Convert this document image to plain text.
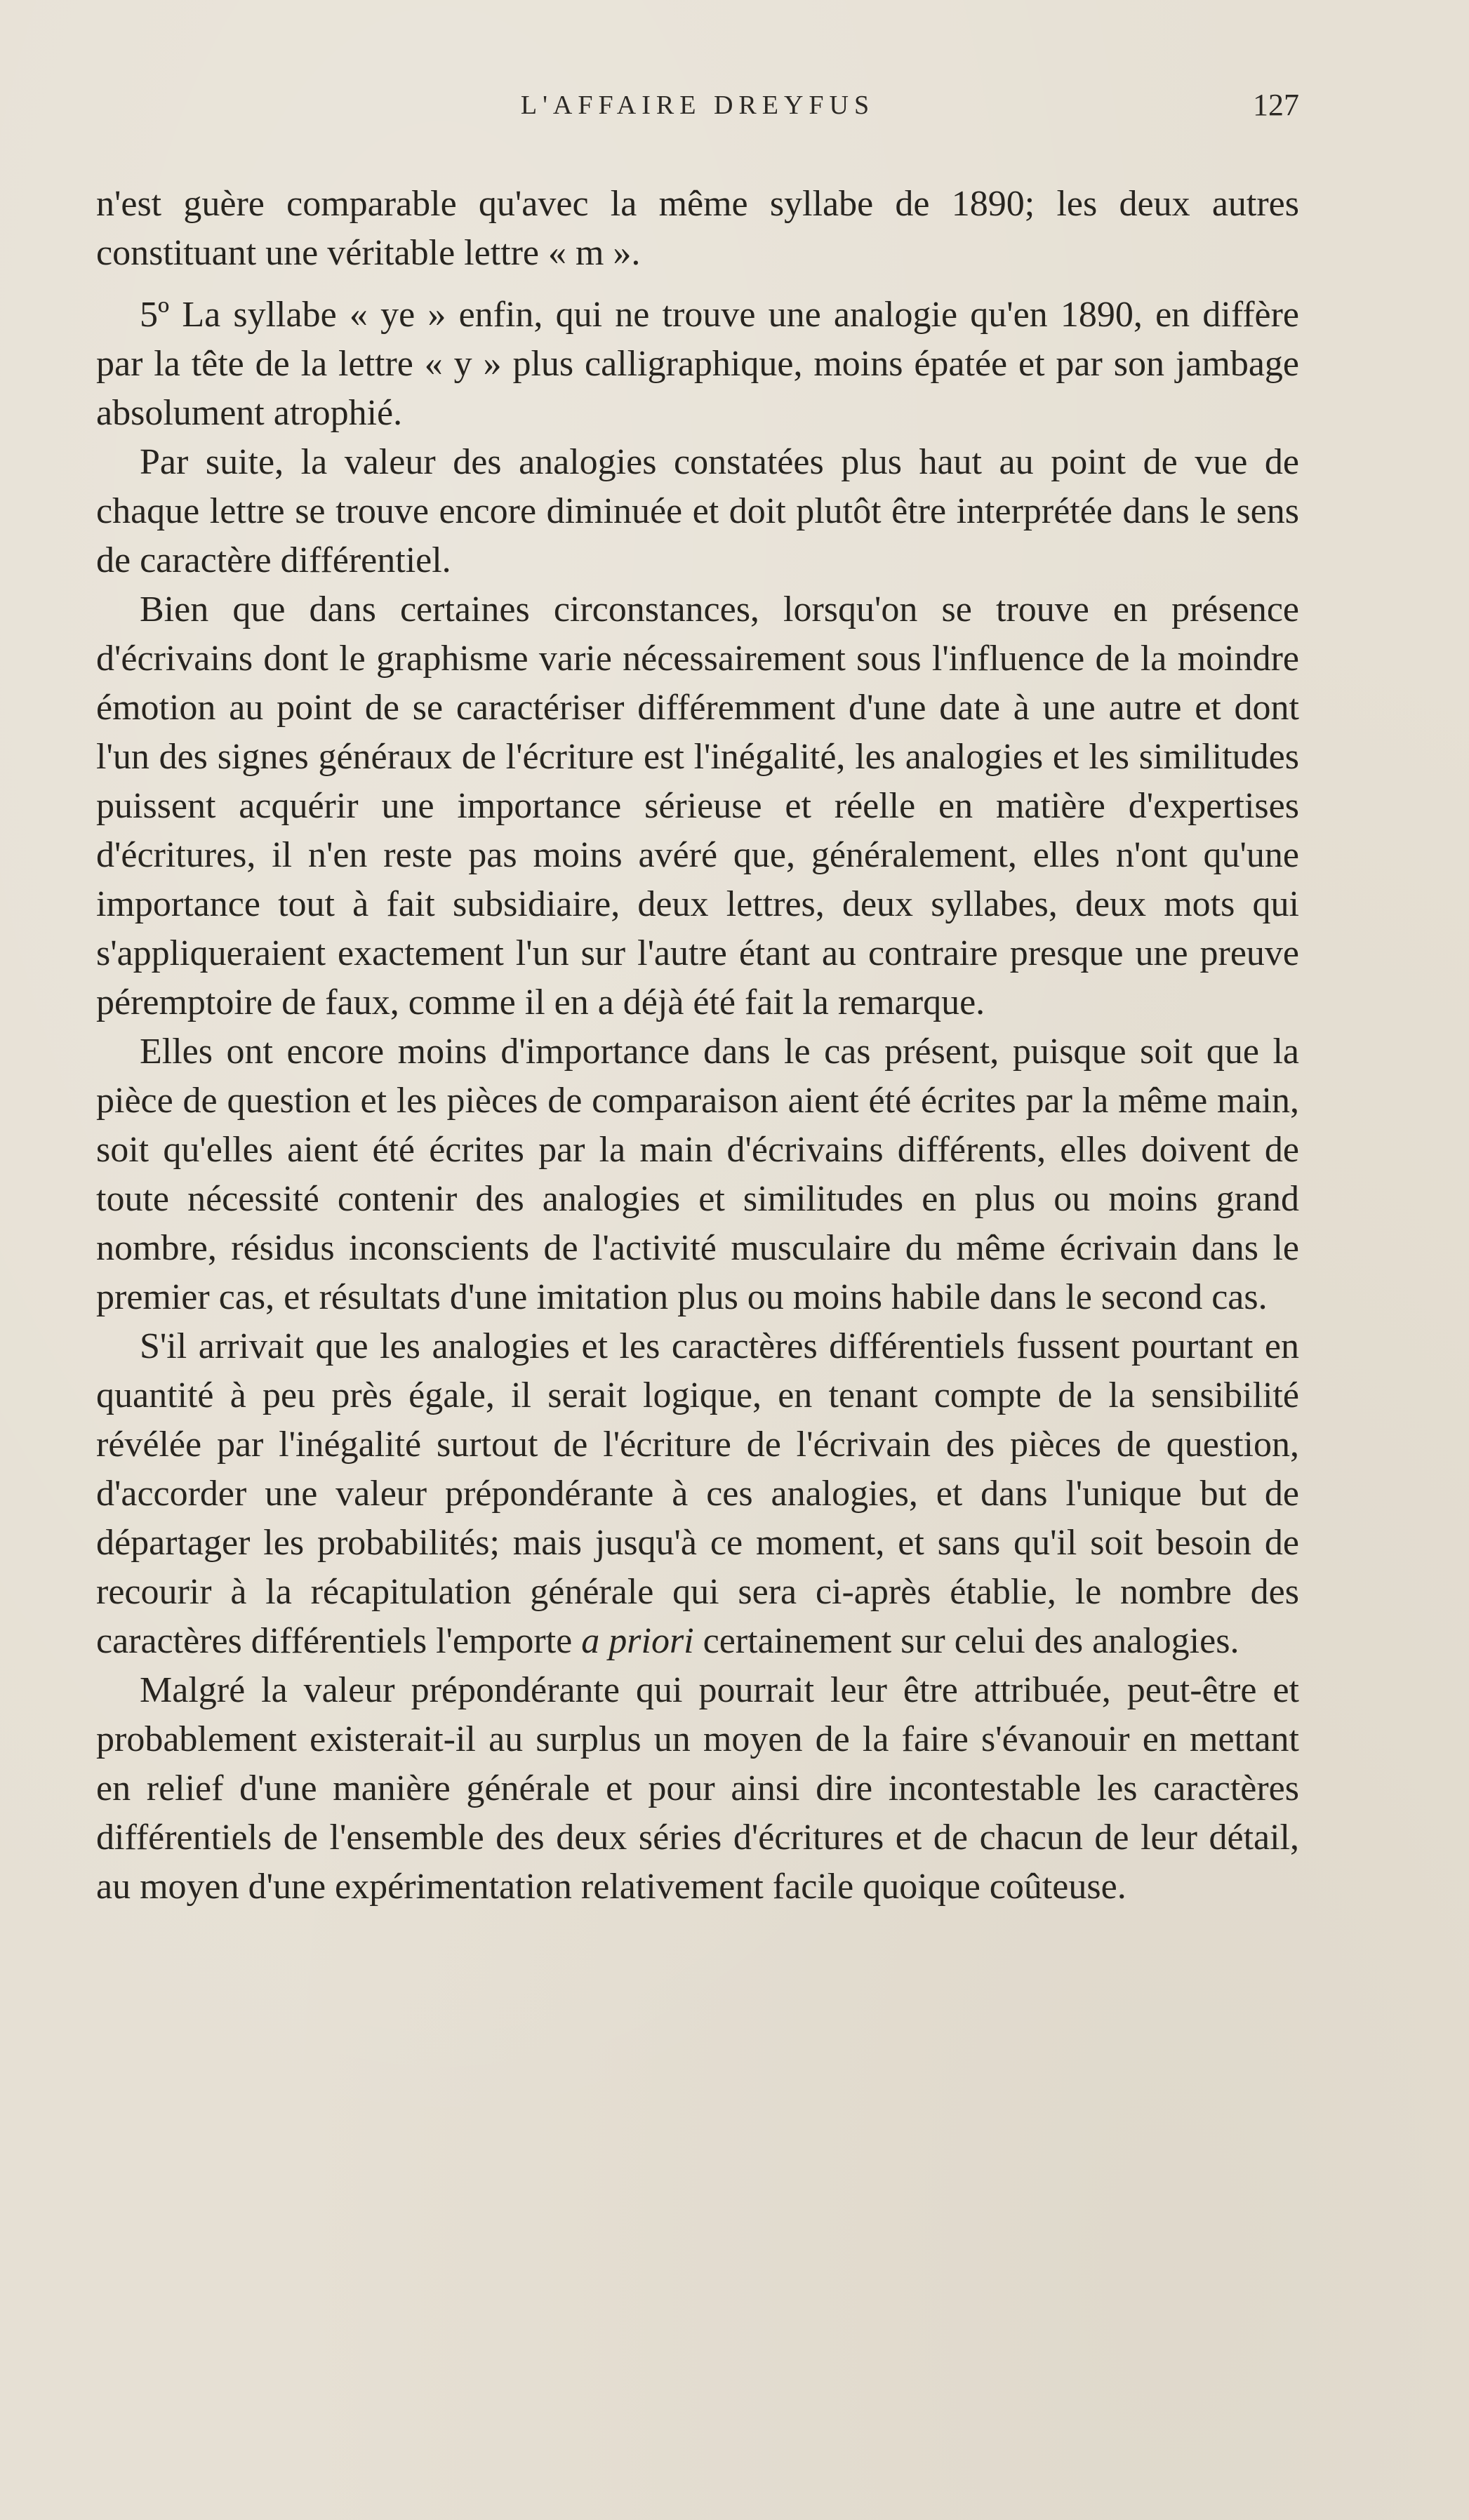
L'AFFAIRE DREYFUS	127

n'est guère comparable qu'avec la même syllabe de 1890; les deux autres constituant une véritable lettre « m ».

5º La syllabe « ye » enfin, qui ne trouve une analogie qu'en 1890, en diffère par la tête de la lettre « y » plus calligraphique, moins épatée et par son jambage absolument atrophié.

Par suite, la valeur des analogies constatées plus haut au point de vue de chaque lettre se trouve encore diminuée et doit plutôt être interprétée dans le sens de caractère différentiel.

Bien que dans certaines circonstances, lorsqu'on se trouve en présence d'écrivains dont le graphisme varie nécessairement sous l'influence de la moindre émotion au point de se caractériser différemment d'une date à une autre et dont l'un des signes généraux de l'écriture est l'inégalité, les analogies et les similitudes puissent acquérir une importance sérieuse et réelle en matière d'expertises d'écritures, il n'en reste pas moins avéré que, généralement, elles n'ont qu'une importance tout à fait subsidiaire, deux lettres, deux syllabes, deux mots qui s'appliqueraient exactement l'un sur l'autre étant au contraire presque une preuve péremptoire de faux, comme il en a déjà été fait la remarque.

Elles ont encore moins d'importance dans le cas présent, puisque soit que la pièce de question et les pièces de comparaison aient été écrites par la même main, soit qu'elles aient été écrites par la main d'écrivains différents, elles doivent de toute nécessité contenir des analogies et similitudes en plus ou moins grand nombre, résidus inconscients de l'activité musculaire du même écrivain dans le premier cas, et résultats d'une imitation plus ou moins habile dans le second cas.

S'il arrivait que les analogies et les caractères différentiels fussent pourtant en quantité à peu près égale, il serait logique, en tenant compte de la sensibilité révélée par l'inégalité surtout de l'écriture de l'écrivain des pièces de question, d'accorder une valeur prépondérante à ces analogies, et dans l'unique but de départager les probabilités; mais jusqu'à ce moment, et sans qu'il soit besoin de recourir à la récapitulation générale qui sera ci-après établie, le nombre des caractères différentiels l'emporte a priori certainement sur celui des analogies.

Malgré la valeur prépondérante qui pourrait leur être attribuée, peut-être et probablement existerait-il au surplus un moyen de la faire s'évanouir en mettant en relief d'une manière générale et pour ainsi dire incontestable les caractères différentiels de l'ensemble des deux séries d'écritures et de chacun de leur détail, au moyen d'une expérimentation relativement facile quoique coûteuse.
